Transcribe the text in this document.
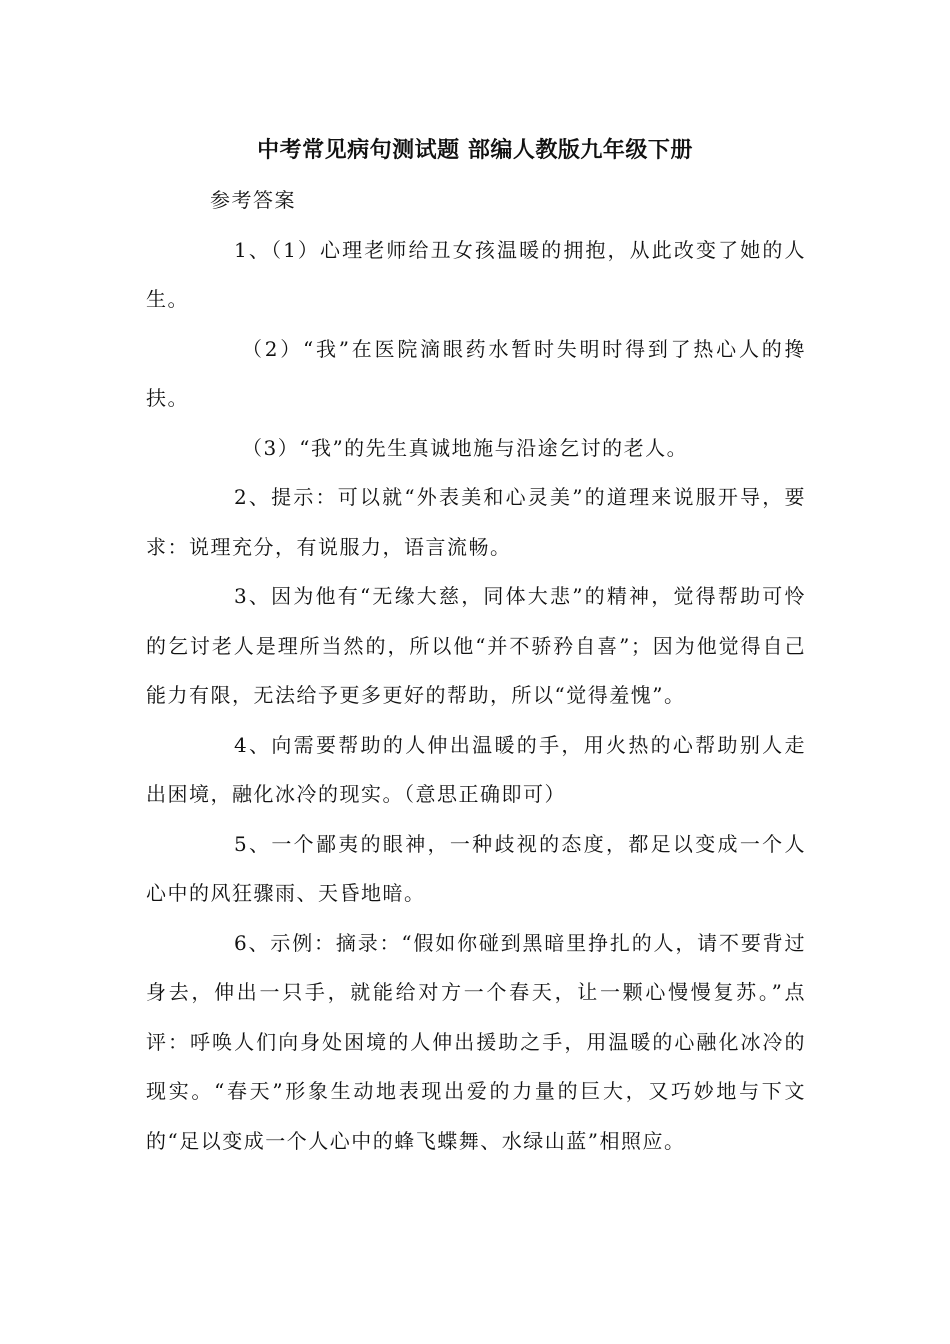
中考常见病句测试题 部编人教版九年级下册

参考答案

1、（1）心理老师给丑女孩温暖的拥抱，从此改变了她的人生。

（2）“我”在医院滴眼药水暂时失明时得到了热心人的搀扶。

（3）“我”的先生真诚地施与沿途乞讨的老人。

2、提示：可以就“外表美和心灵美”的道理来说服开导，要求：说理充分，有说服力，语言流畅。

3、因为他有“无缘大慈，同体大悲”的精神，觉得帮助可怜的乞讨老人是理所当然的，所以他“并不骄矜自喜”；因为他觉得自己能力有限，无法给予更多更好的帮助，所以“觉得羞愧”。

4、向需要帮助的人伸出温暖的手，用火热的心帮助别人走出困境，融化冰冷的现实。（意思正确即可）

5、一个鄙夷的眼神，一种歧视的态度，都足以变成一个人心中的风狂骤雨、天昏地暗。

6、示例：摘录：“假如你碰到黑暗里挣扎的人，请不要背过身去，伸出一只手，就能给对方一个春天，让一颗心慢慢复苏。”点评：呼唤人们向身处困境的人伸出援助之手，用温暖的心融化冰冷的现实。“春天”形象生动地表现出爱的力量的巨大，又巧妙地与下文的“足以变成一个人心中的蜂飞蝶舞、水绿山蓝”相照应。
